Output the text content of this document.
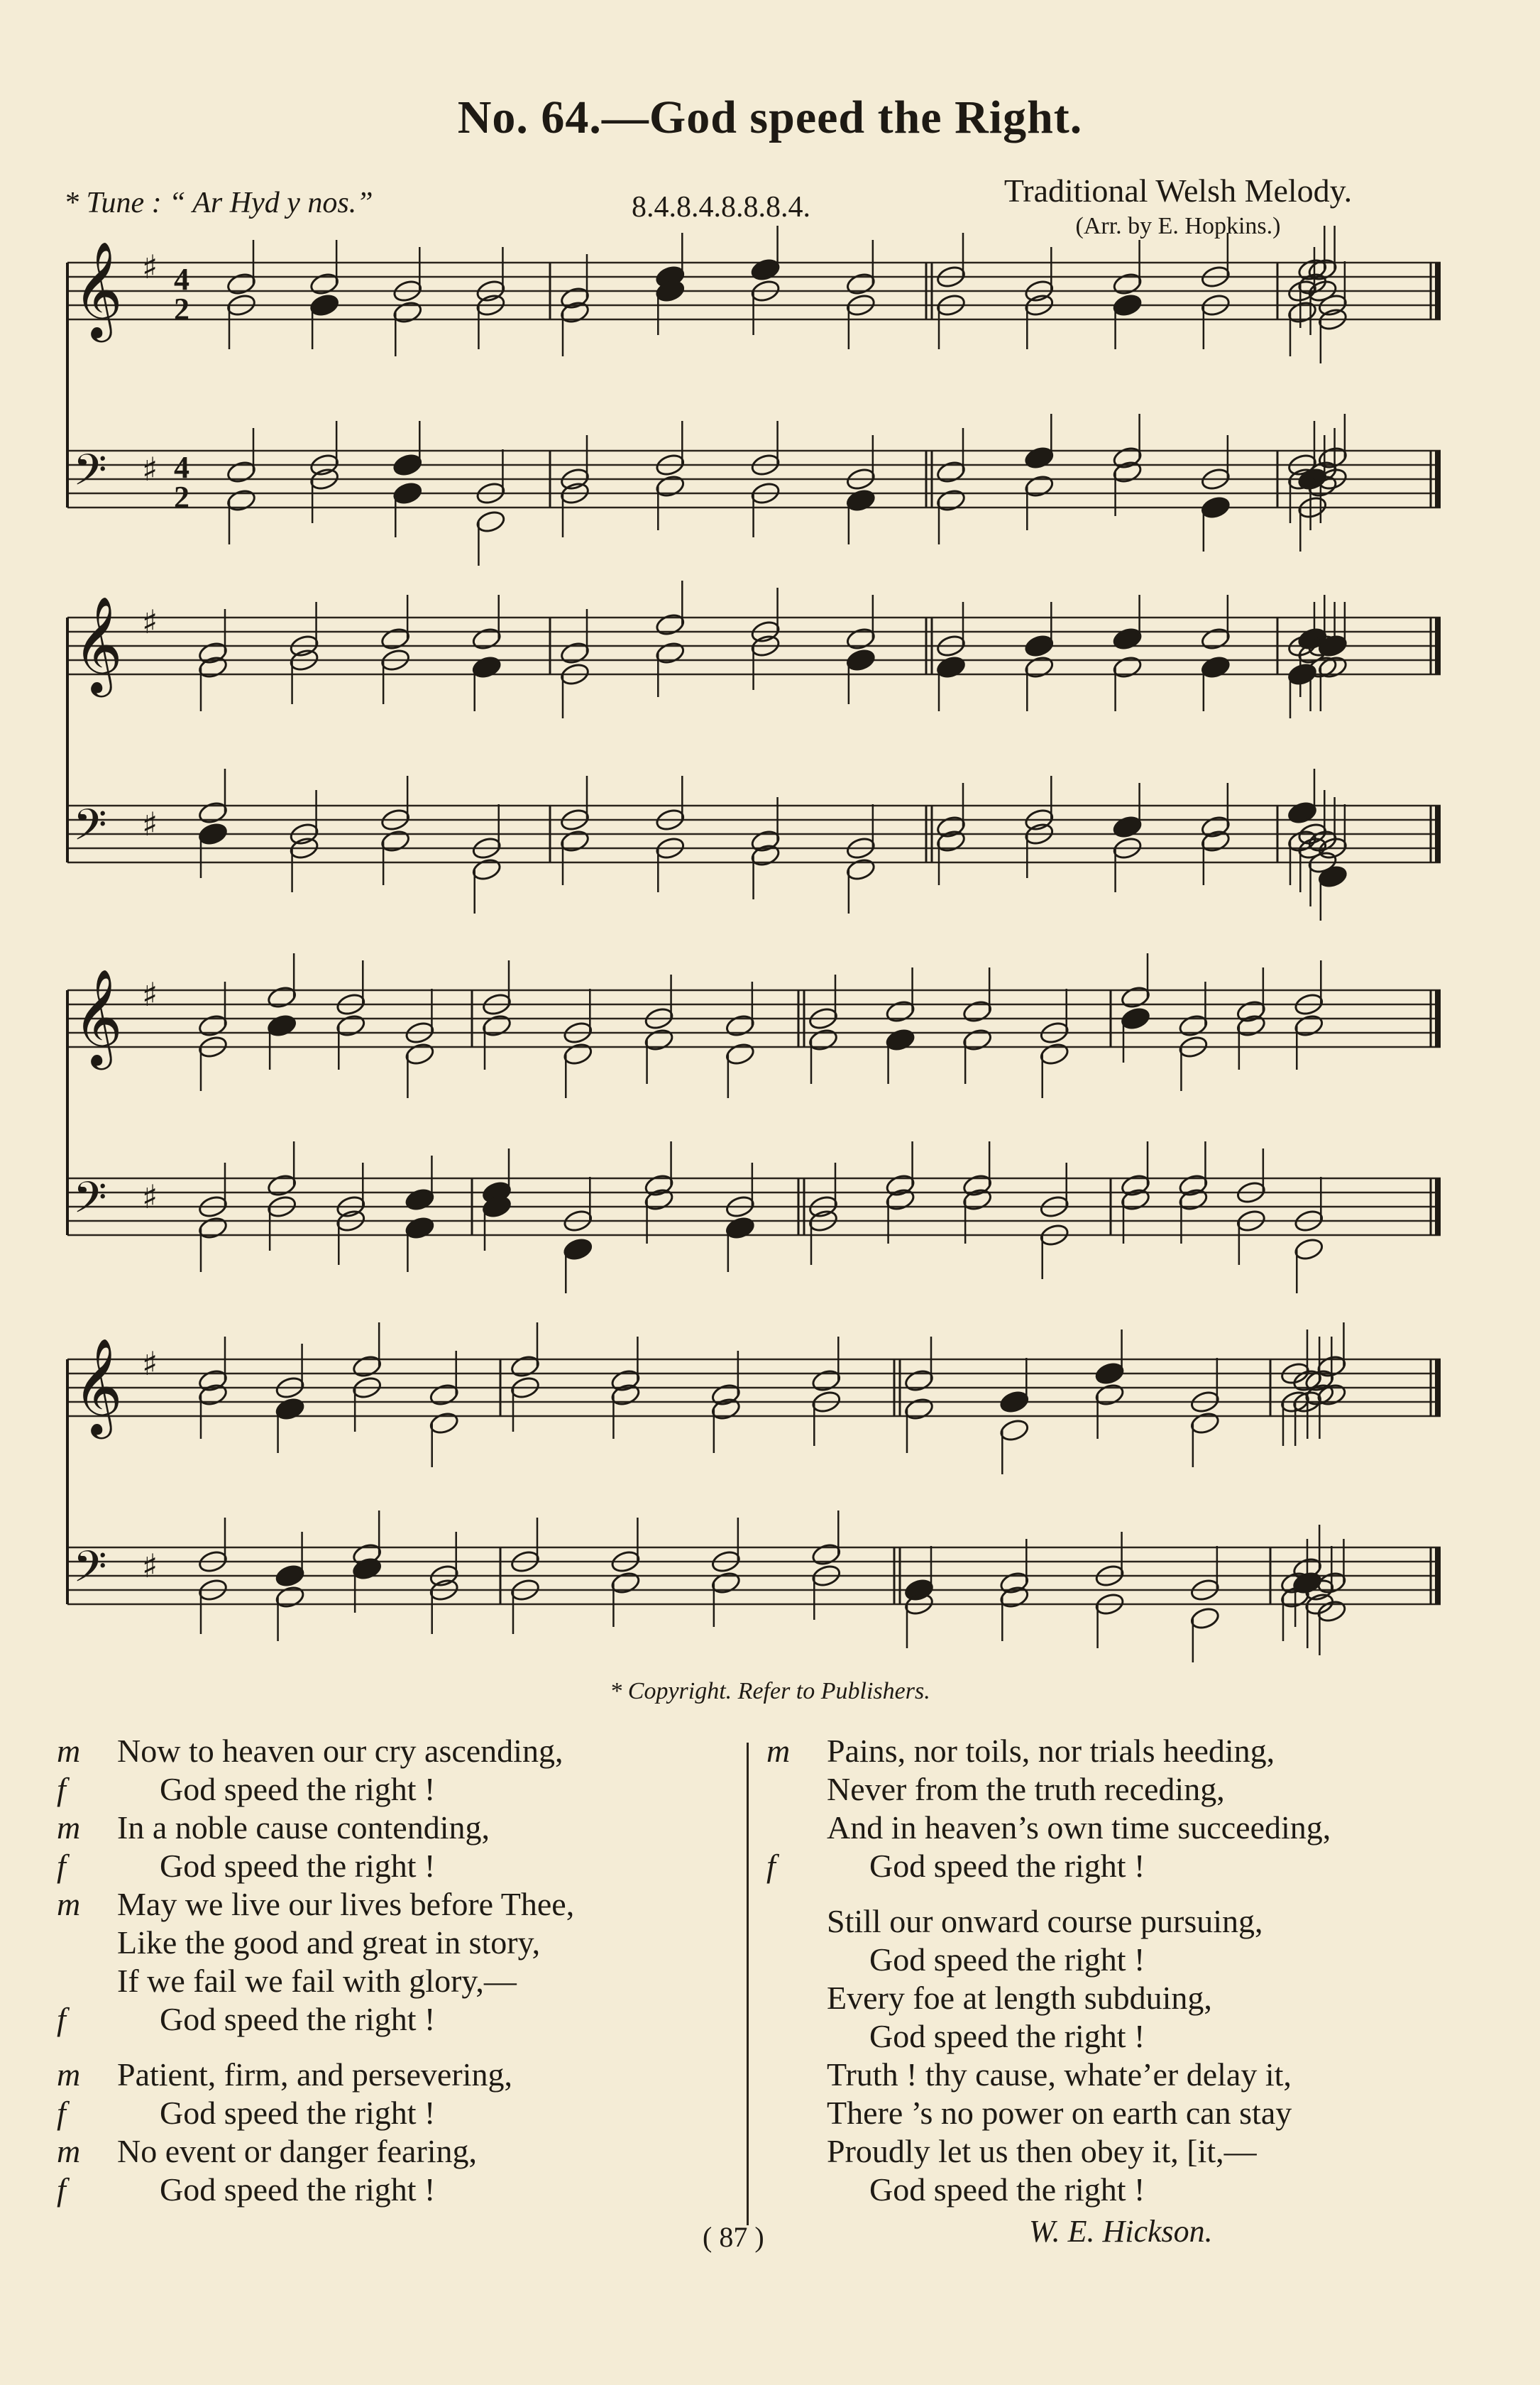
No. 64.—God speed the Right.
* Tune : “ Ar Hyd y nos.”	8.4.8.4.8.8.8.4.	Traditional Welsh Melody.
(Arr. by E. Hopkins.)
𝄞 ♯ 4
2
𝄢 ♯ 4
2
𝄞 ♯
𝄢 ♯
𝄞 ♯
𝄢 ♯
𝄞 ♯
𝄢 ♯
* Copyright. Refer to Publishers.
m	Now to heaven our cry ascending,
f	God speed the right !
m	In a noble cause contending,
f	God speed the right !
m	May we live our lives before Thee,
Like the good and great in story,
If we fail we fail with glory,—
f	God speed the right !
m	Patient, firm, and persevering,
f	God speed the right !
m	No event or danger fearing,
f	God speed the right !
m	Pains, nor toils, nor trials heeding,
Never from the truth receding,
And in heaven’s own time succeeding,
f	God speed the right !
Still our onward course pursuing,
God speed the right !
Every foe at length subduing,
God speed the right !
Truth ! thy cause, whate’er delay it,
There ’s no power on earth can stay
Proudly let us then obey it, [it,—
God speed the right !
( 87 )	W. E. Hickson.
